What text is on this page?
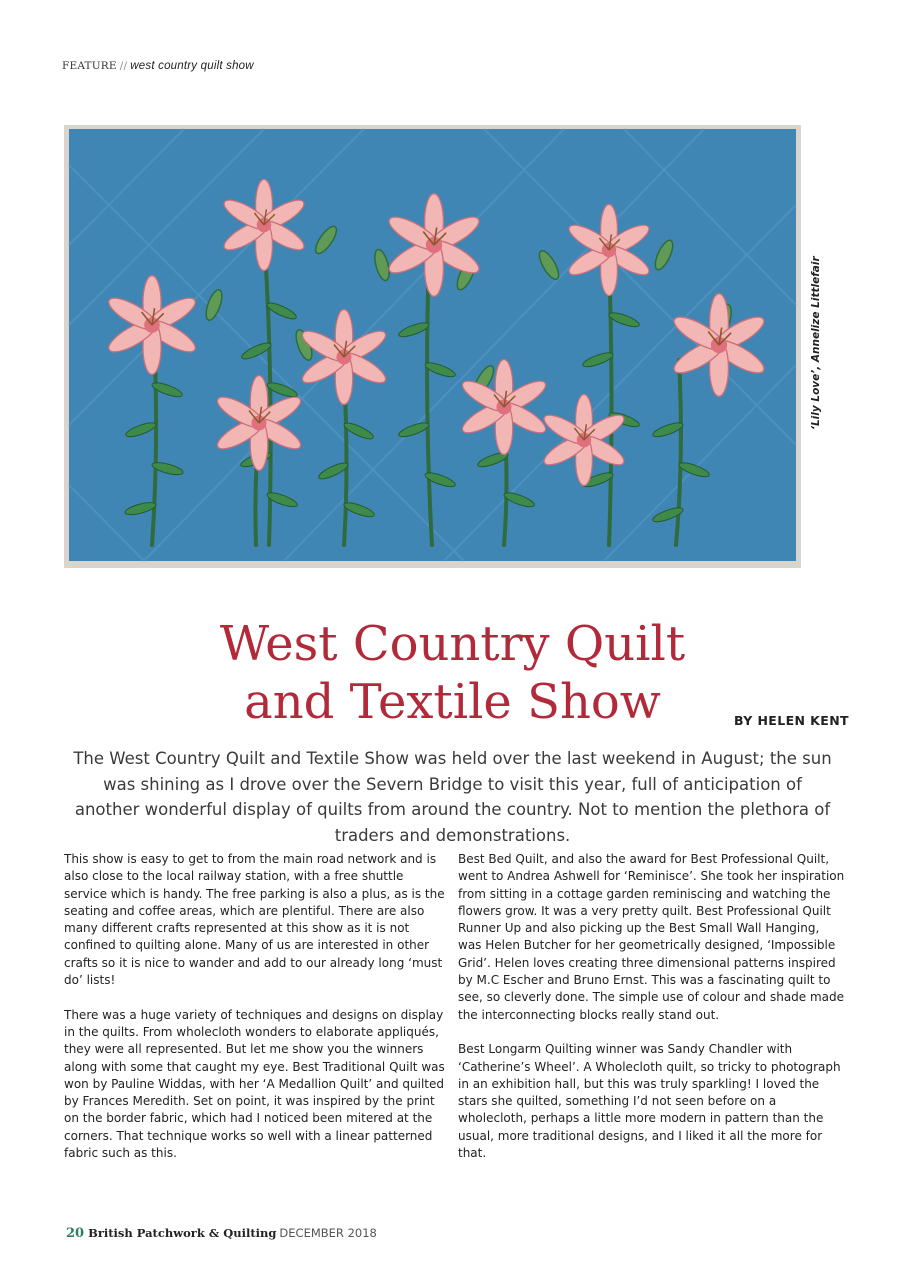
FEATURE // west country quilt show
‘Lily Love’, Annelize Littlefair
West Country Quilt
and Textile Show	BY HELEN KENT

The West Country Quilt and Textile Show was held over the last weekend in August; the sun was shining as I drove over the Severn Bridge to visit this year, full of anticipation of another wonderful display of quilts from around the country. Not to mention the plethora of traders and demonstrations.

This show is easy to get to from the main road network and is also close to the local railway station, with a free shuttle service which is handy. The free parking is also a plus, as is the seating and coffee areas, which are plentiful. There are also many different crafts represented at this show as it is not confined to quilting alone. Many of us are interested in other crafts so it is nice to wander and add to our already long ‘must do’ lists!

There was a huge variety of techniques and designs on display in the quilts. From wholecloth wonders to elaborate appliqués, they were all represented. But let me show you the winners along with some that caught my eye. Best Traditional Quilt was won by Pauline Widdas, with her ‘A Medallion Quilt’ and quilted by Frances Meredith. Set on point, it was inspired by the print on the border fabric, which had I noticed been mitered at the corners. That technique works so well with a linear patterned fabric such as this.

Best Bed Quilt, and also the award for Best Professional Quilt, went to Andrea Ashwell for ‘Reminisce’. She took her inspiration from sitting in a cottage garden reminiscing and watching the flowers grow. It was a very pretty quilt. Best Professional Quilt Runner Up and also picking up the Best Small Wall Hanging, was Helen Butcher for her geometrically designed, ‘Impossible Grid’. Helen loves creating three dimensional patterns inspired by M.C Escher and Bruno Ernst. This was a fascinating quilt to see, so cleverly done. The simple use of colour and shade made the interconnecting blocks really stand out.

Best Longarm Quilting winner was Sandy Chandler with ‘Catherine’s Wheel’. A Wholecloth quilt, so tricky to photograph in an exhibition hall, but this was truly sparkling! I loved the stars she quilted, something I’d not seen before on a wholecloth, perhaps a little more modern in pattern than the usual, more traditional designs, and I liked it all the more for that.

20 British Patchwork & Quilting DECEMBER 2018
